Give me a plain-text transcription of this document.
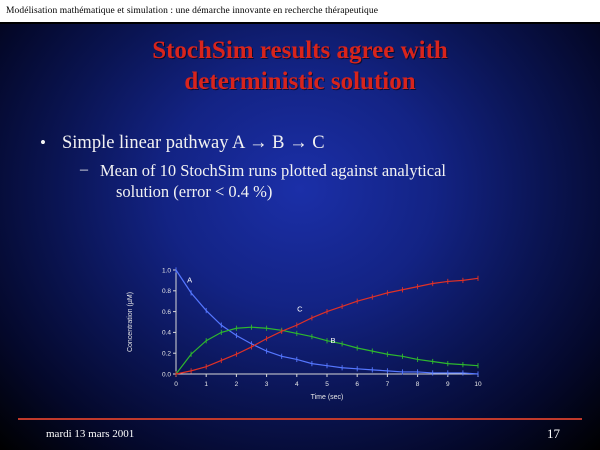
Modélisation mathématique et simulation : une démarche innovante en recherche thérapeutique
StochSim results agree with
deterministic solution
• Simple linear pathway A → B → C
– Mean of 10 StochSim runs plotted against analytical
solution (error < 0.4 %)
0	1	2	3	4	5	6	7	8	9	10
0.0
0.2
0.4
0.6
0.8
1.0
Time (sec)
Concentration (µM)
A
B
C
mardi 13 mars 2001	17
